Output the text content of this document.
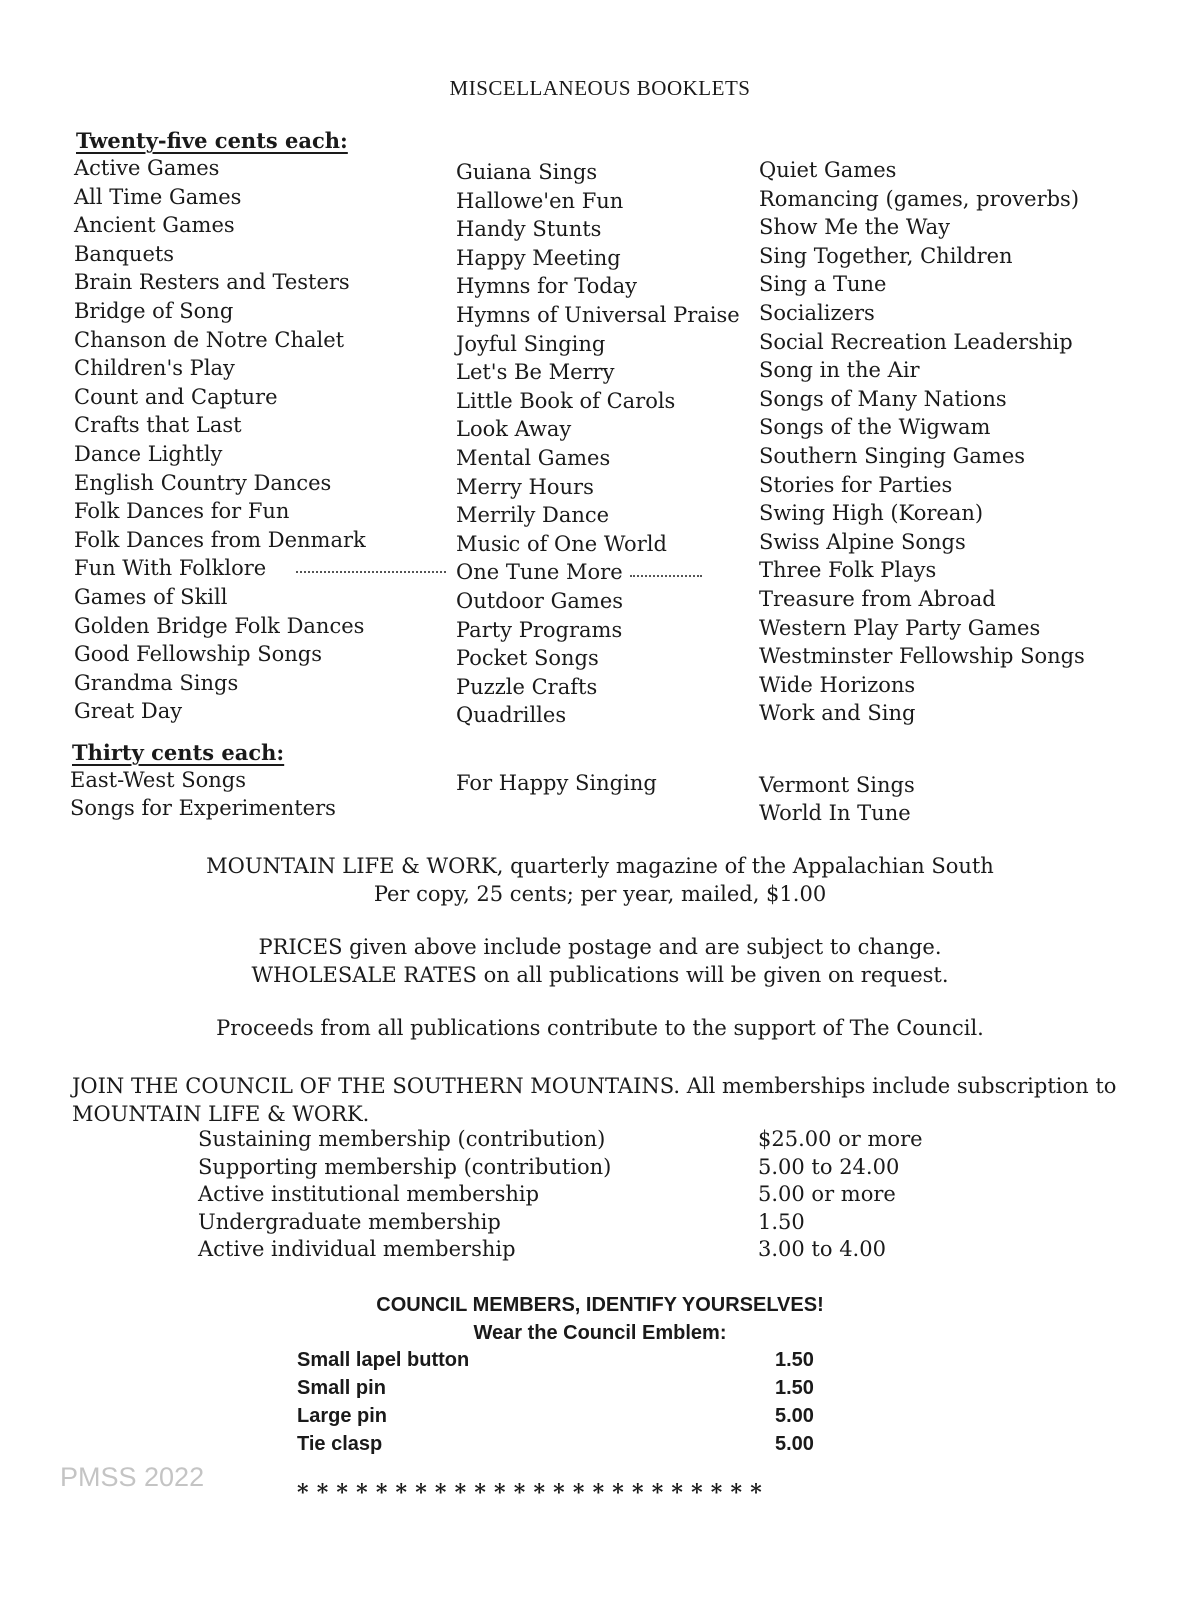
MISCELLANEOUS BOOKLETS
Twenty-five cents each:
Active Games
All Time Games
Ancient Games
Banquets
Brain Resters and Testers
Bridge of Song
Chanson de Notre Chalet
Children's Play
Count and Capture
Crafts that Last
Dance Lightly
English Country Dances
Folk Dances for Fun
Folk Dances from Denmark
Fun With Folklore
Games of Skill
Golden Bridge Folk Dances
Good Fellowship Songs
Grandma Sings
Great Day
Guiana Sings
Hallowe'en Fun
Handy Stunts
Happy Meeting
Hymns for Today
Hymns of Universal Praise
Joyful Singing
Let's Be Merry
Little Book of Carols
Look Away
Mental Games
Merry Hours
Merrily Dance
Music of One World
One Tune More
Outdoor Games
Party Programs
Pocket Songs
Puzzle Crafts
Quadrilles
Quiet Games
Romancing (games, proverbs)
Show Me the Way
Sing Together, Children
Sing a Tune
Socializers
Social Recreation Leadership
Song in the Air
Songs of Many Nations
Songs of the Wigwam
Southern Singing Games
Stories for Parties
Swing High (Korean)
Swiss Alpine Songs
Three Folk Plays
Treasure from Abroad
Western Play Party Games
Westminster Fellowship Songs
Wide Horizons
Work and Sing
Thirty cents each:
East-West Songs
Songs for Experimenters
For Happy Singing	Vermont Sings
World In Tune
MOUNTAIN LIFE & WORK, quarterly magazine of the Appalachian South
Per copy, 25 cents; per year, mailed, $1.00
PRICES given above include postage and are subject to change.
WHOLESALE RATES on all publications will be given on request.
Proceeds from all publications contribute to the support of The Council.
JOIN THE COUNCIL OF THE SOUTHERN MOUNTAINS. All memberships include subscription to MOUNTAIN LIFE & WORK.
Sustaining membership (contribution)	$25.00 or more
Supporting membership (contribution)	5.00 to 24.00
Active institutional membership	5.00 or more
Undergraduate membership	1.50
Active individual membership	3.00 to 4.00
COUNCIL MEMBERS, IDENTIFY YOURSELVES!
Wear the Council Emblem:
Small lapel button	1.50
Small pin	1.50
Large pin	5.00
Tie clasp	5.00
************************
PMSS 2022
